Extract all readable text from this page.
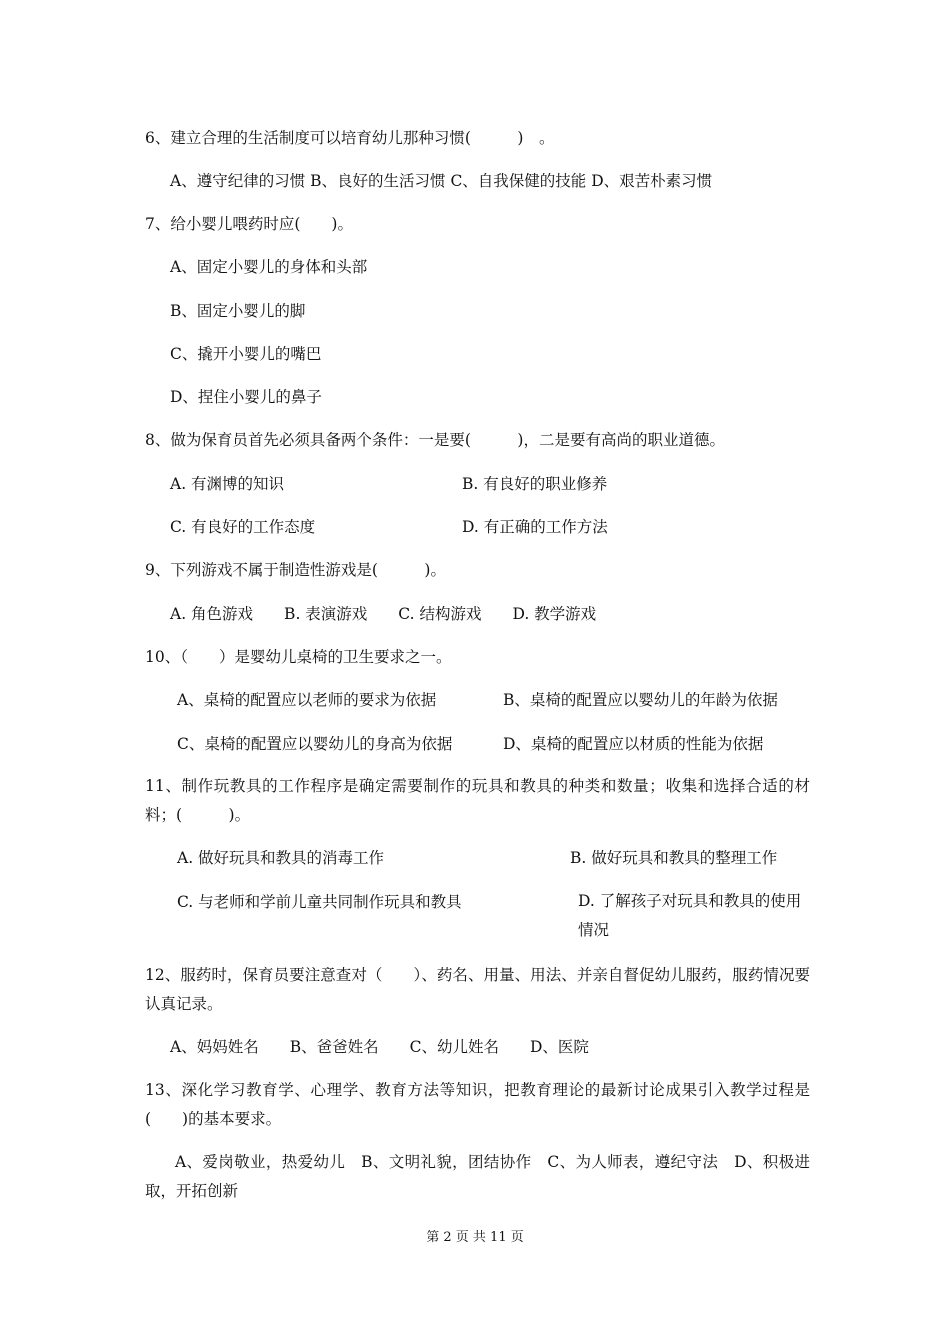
6、建立合理的生活制度可以培育幼儿那种习惯(　　　)　。
A、遵守纪律的习惯 B、良好的生活习惯 C、自我保健的技能 D、艰苦朴素习惯
7、给小婴儿喂药时应(　　)。
A、固定小婴儿的身体和头部
B、固定小婴儿的脚
C、撬开小婴儿的嘴巴
D、捏住小婴儿的鼻子
8、做为保育员首先必须具备两个条件：一是要(　　　)，二是要有高尚的职业道德。
A. 有渊博的知识	B. 有良好的职业修养
C. 有良好的工作态度	D. 有正确的工作方法
9、下列游戏不属于制造性游戏是(　　　)。
A. 角色游戏　　B. 表演游戏　　C. 结构游戏　　D. 教学游戏
10、（　　）是婴幼儿桌椅的卫生要求之一。
A、桌椅的配置应以老师的要求为依据	B、桌椅的配置应以婴幼儿的年龄为依据
C、桌椅的配置应以婴幼儿的身高为依据	D、桌椅的配置应以材质的性能为依据
11、制作玩教具的工作程序是确定需要制作的玩具和教具的种类和数量；收集和选择合适的材料；(　　　)。
A. 做好玩具和教具的消毒工作	B. 做好玩具和教具的整理工作
C. 与老师和学前儿童共同制作玩具和教具	D. 了解孩子对玩具和教具的使用情况
12、服药时，保育员要注意查对（　　）、药名、用量、用法、并亲自督促幼儿服药，服药情况要认真记录。
A、妈妈姓名　　B、爸爸姓名　　C、幼儿姓名　　D、医院
13、深化学习教育学、心理学、教育方法等知识，把教育理论的最新讨论成果引入教学过程是(　　)的基本要求。
A、爱岗敬业，热爱幼儿　B、文明礼貌，团结协作　C、为人师表，遵纪守法　D、积极进取，开拓创新
第 2 页 共 11 页
